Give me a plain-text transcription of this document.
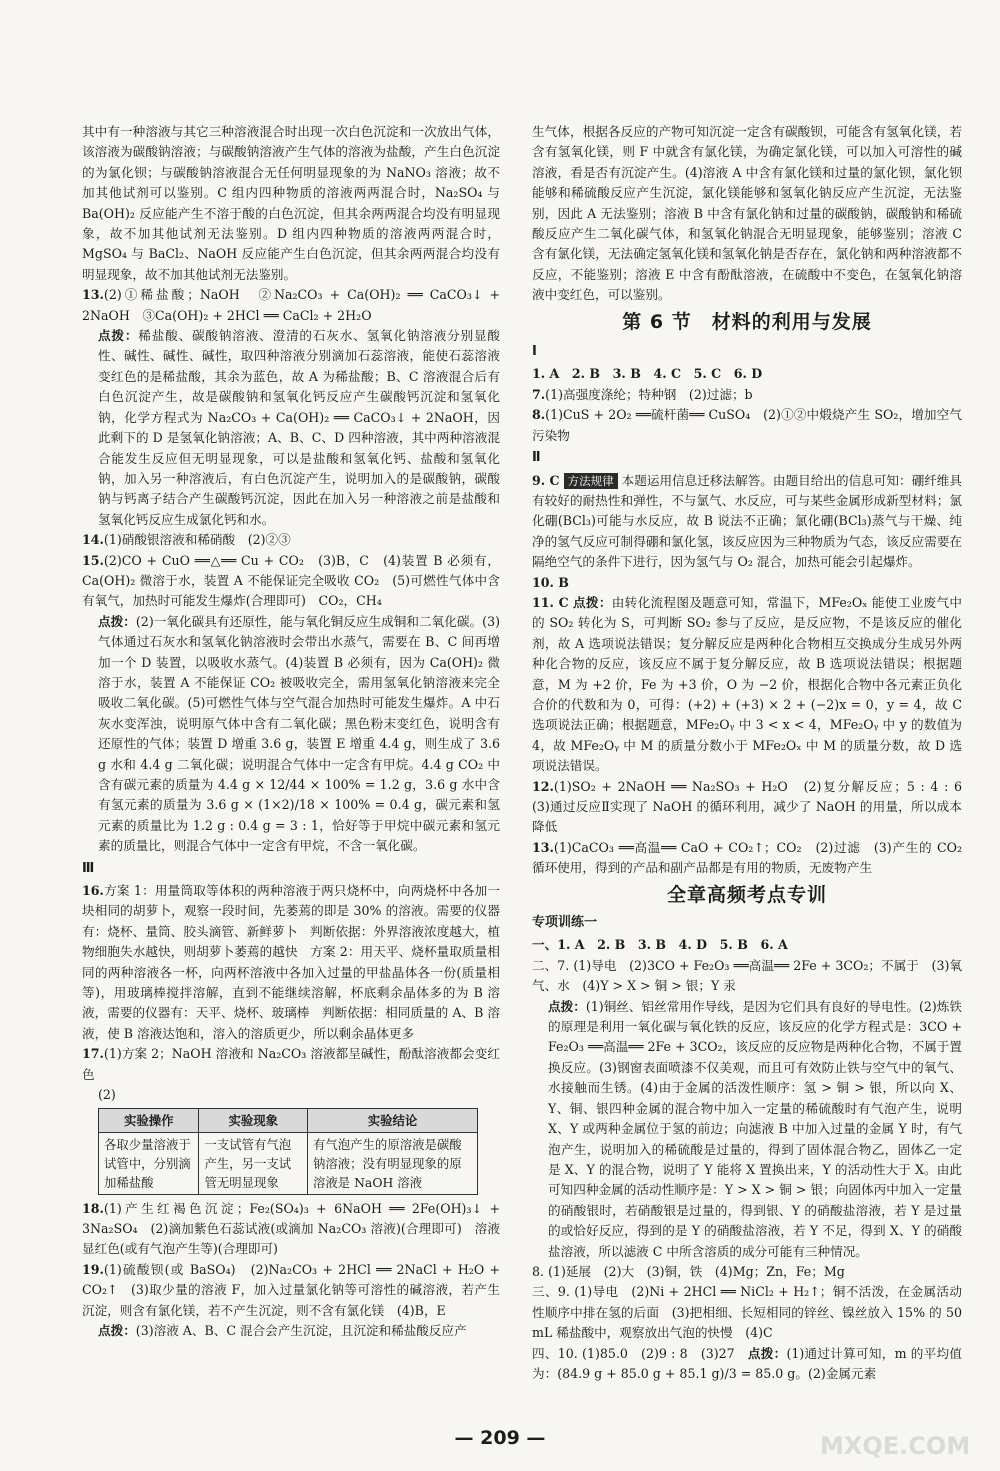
其中有一种溶液与其它三种溶液混合时出现一次白色沉淀和一次放出气体，该溶液为碳酸钠溶液；与碳酸钠溶液产生气体的溶液为盐酸，产生白色沉淀的为氯化钡；与碳酸钠溶液混合无任何明显现象的为 NaNO₃ 溶液；故不加其他试剂可以鉴别。C 组内四种物质的溶液两两混合时，Na₂SO₄ 与 Ba(OH)₂ 反应能产生不溶于酸的白色沉淀，但其余两两混合均没有明显现象，故不加其他试剂无法鉴别。D 组内四种物质的溶液两两混合时，MgSO₄ 与 BaCl₂、NaOH 反应能产生白色沉淀，但其余两两混合均没有明显现象，故不加其他试剂无法鉴别。

13.(2)①稀盐酸；NaOH　②Na₂CO₃ + Ca(OH)₂ ══ CaCO₃↓ + 2NaOH　③Ca(OH)₂ + 2HCl ══ CaCl₂ + 2H₂O

点拨：稀盐酸、碳酸钠溶液、澄清的石灰水、氢氧化钠溶液分别显酸性、碱性、碱性、碱性，取四种溶液分别滴加石蕊溶液，能使石蕊溶液变红色的是稀盐酸，其余为蓝色，故 A 为稀盐酸；B、C 溶液混合后有白色沉淀产生，故是碳酸钠和氢氧化钙反应产生碳酸钙沉淀和氢氧化钠，化学方程式为 Na₂CO₃ + Ca(OH)₂ ══ CaCO₃↓ + 2NaOH，因此剩下的 D 是氢氧化钠溶液；A、B、C、D 四种溶液，其中两种溶液混合能发生反应但无明显现象，可以是盐酸和氢氧化钙、盐酸和氢氧化钠，加入另一种溶液后，有白色沉淀产生，说明加入的是碳酸钠，碳酸钠与钙离子结合产生碳酸钙沉淀，因此在加入另一种溶液之前是盐酸和氢氧化钙反应生成氯化钙和水。

14.(1)硝酸银溶液和稀硝酸　(2)②③

15.(2)CO + CuO ══△══ Cu + CO₂　(3)B，C　(4)装置 B 必须有，Ca(OH)₂ 微溶于水，装置 A 不能保证完全吸收 CO₂　(5)可燃性气体中含有氧气，加热时可能发生爆炸(合理即可)　CO₂，CH₄

点拨：(2)一氧化碳具有还原性，能与氧化铜反应生成铜和二氧化碳。(3)气体通过石灰水和氢氧化钠溶液时会带出水蒸气，需要在 B、C 间再增加一个 D 装置，以吸收水蒸气。(4)装置 B 必须有，因为 Ca(OH)₂ 微溶于水，装置 A 不能保证 CO₂ 被吸收完全，需用氢氧化钠溶液来完全吸收二氧化碳。(5)可燃性气体与空气混合加热时可能发生爆炸。A 中石灰水变浑浊，说明原气体中含有二氧化碳；黑色粉末变红色，说明含有还原性的气体；装置 D 增重 3.6 g，装置 E 增重 4.4 g，则生成了 3.6 g 水和 4.4 g 二氧化碳；说明混合气体中一定含有甲烷。4.4 g CO₂ 中含有碳元素的质量为 4.4 g × 12/44 × 100% = 1.2 g，3.6 g 水中含有氢元素的质量为 3.6 g × (1×2)/18 × 100% = 0.4 g，碳元素和氢元素的质量比为 1.2 g : 0.4 g = 3 : 1，恰好等于甲烷中碳元素和氢元素的质量比，则混合气体中一定含有甲烷，不含一氧化碳。

Ⅲ

16.方案 1：用量筒取等体积的两种溶液于两只烧杯中，向两烧杯中各加一块相同的胡萝卜，观察一段时间，先萎蔫的即是 30% 的溶液。需要的仪器有：烧杯、量筒、胶头滴管、新鲜萝卜　判断依据：外界溶液浓度越大，植物细胞失水越快，则胡萝卜萎蔫的越快　方案 2：用天平、烧杯量取质量相同的两种溶液各一杯，向两杯溶液中各加入过量的甲盐晶体各一份(质量相等)，用玻璃棒搅拌溶解，直到不能继续溶解，杯底剩余晶体多的为 B 溶液，需要的仪器有：天平、烧杯、玻璃棒　判断依据：相同质量的 A、B 溶液，使 B 溶液达饱和，溶入的溶质更少，所以剩余晶体更多

17.(1)方案 2；NaOH 溶液和 Na₂CO₃ 溶液都呈碱性，酚酞溶液都会变红色

(2)

实验操作	实验现象	实验结论
各取少量溶液于试管中，分别滴加稀盐酸	一支试管有气泡产生，另一支试管无明显现象	有气泡产生的原溶液是碳酸钠溶液；没有明显现象的原溶液是 NaOH 溶液

18.(1)产生红褐色沉淀；Fe₂(SO₄)₃ + 6NaOH ══ 2Fe(OH)₃↓ + 3Na₂SO₄　(2)滴加紫色石蕊试液(或滴加 Na₂CO₃ 溶液)(合理即可)　溶液显红色(或有气泡产生等)(合理即可)

19.(1)硫酸钡(或 BaSO₄)　(2)Na₂CO₃ + 2HCl ══ 2NaCl + H₂O + CO₂↑　(3)取少量的溶液 F，加入过量氯化钠等可溶性的碱溶液，若产生沉淀，则含有氯化镁，若不产生沉淀，则不含有氯化镁　(4)B，E

点拨：(3)溶液 A、B、C 混合会产生沉淀，且沉淀和稀盐酸反应产

生气体，根据各反应的产物可知沉淀一定含有碳酸钡，可能含有氢氧化镁，若含有氢氧化镁，则 F 中就含有氯化镁，为确定氯化镁，可以加入可溶性的碱溶液，看是否有沉淀产生。(4)溶液 A 中含有氯化镁和过量的氯化钡，氯化钡能够和稀硫酸反应产生沉淀，氯化镁能够和氢氧化钠反应产生沉淀，无法鉴别，因此 A 无法鉴别；溶液 B 中含有氯化钠和过量的碳酸钠，碳酸钠和稀硫酸反应产生二氧化碳气体，和氢氧化钠混合无明显现象，能够鉴别；溶液 C 含有氯化镁，无法确定氢氧化镁和氢氧化钠是否存在，氯化钠和两种溶液都不反应，不能鉴别；溶液 E 中含有酚酞溶液，在硫酸中不变色，在氢氧化钠溶液中变红色，可以鉴别。

第 6 节　材料的利用与发展
Ⅰ

1. A　2. B　3. B　4. C　5. C　6. D

7.(1)高强度涤纶；特种钢　(2)过滤；b

8.(1)CuS + 2O₂ ══硫杆菌══ CuSO₄　(2)①②中煅烧产生 SO₂，增加空气污染物

Ⅱ

9. C 方法规律 本题运用信息迁移法解答。由题目给出的信息可知：硼纤维具有较好的耐热性和弹性，不与氯气、水反应，可与某些金属形成新型材料；氯化硼(BCl₃)可能与水反应，故 B 说法不正确；氯化硼(BCl₃)蒸气与干燥、纯净的氢气反应可制得硼和氯化氢，该反应因为三种物质为气态，该反应需要在隔绝空气的条件下进行，因为氢气与 O₂ 混合，加热可能会引起爆炸。

10. B

11. C 点拨：由转化流程图及题意可知，常温下，MFe₂Oₓ 能使工业废气中的 SO₂ 转化为 S，可判断 SO₂ 参与了反应，是反应物，不是该反应的催化剂，故 A 选项说法错误；复分解反应是两种化合物相互交换成分生成另外两种化合物的反应，该反应不属于复分解反应，故 B 选项说法错误；根据题意，M 为 +2 价，Fe 为 +3 价，O 为 −2 价，根据化合物中各元素正负化合价的代数和为 0，可得：(+2) + (+3) × 2 + (−2)x = 0，y = 4，故 C 选项说法正确；根据题意，MFe₂Oᵧ 中 3 < x < 4，MFe₂Oᵧ 中 y 的数值为 4，故 MFe₂Oᵧ 中 M 的质量分数小于 MFe₂Oₓ 中 M 的质量分数，故 D 选项说法错误。

12.(1)SO₂ + 2NaOH ══ Na₂SO₃ + H₂O　(2)复分解反应；5 : 4 : 6　(3)通过反应Ⅱ实现了 NaOH 的循环利用，减少了 NaOH 的用量，所以成本降低

13.(1)CaCO₃ ══高温══ CaO + CO₂↑；CO₂　(2)过滤　(3)产生的 CO₂ 循环使用，得到的产品和副产品都是有用的物质，无废物产生

全章高频考点专训
专项训练一

一、1. A　2. B　3. B　4. D　5. B　6. A

二、7. (1)导电　(2)3CO + Fe₂O₃ ══高温══ 2Fe + 3CO₂；不属于　(3)氧气、水　(4)Y > X > 铜 > 银；Y 汞

点拨：(1)铜丝、铝丝常用作导线，是因为它们具有良好的导电性。(2)炼铁的原理是利用一氧化碳与氧化铁的反应，该反应的化学方程式是：3CO + Fe₂O₃ ══高温══ 2Fe + 3CO₂，该反应的反应物是两种化合物，不属于置换反应。(3)钢窗表面喷漆不仅美观，而且可有效防止铁与空气中的氧气、水接触而生锈。(4)由于金属的活泼性顺序：氢 > 铜 > 银，所以向 X、Y、铜、银四种金属的混合物中加入一定量的稀硫酸时有气泡产生，说明 X、Y 或两种金属位于氢的前边；向滤液 B 中加入过量的金属 Y 时，有气泡产生，说明加入的稀硫酸是过量的，得到了固体混合物乙，固体乙一定是 X、Y 的混合物，说明了 Y 能将 X 置换出来，Y 的活动性大于 X。由此可知四种金属的活动性顺序是：Y > X > 铜 > 银；向固体丙中加入一定量的硝酸银时，若硝酸银是过量的，得到银、Y 的硝酸盐溶液，若 Y 是过量的或恰好反应，得到的是 Y 的硝酸盐溶液，若 Y 不足，得到 X、Y 的硝酸盐溶液，所以滤液 C 中所含溶质的成分可能有三种情况。

8. (1)延展　(2)大　(3)铜，铁　(4)Mg；Zn，Fe；Mg

三、9. (1)导电　(2)Ni + 2HCl ══ NiCl₂ + H₂↑；铜不活泼，在金属活动性顺序中排在氢的后面　(3)把相细、长短相同的锌丝、镍丝放入 15% 的 50 mL 稀盐酸中，观察放出气泡的快慢　(4)C

四、10. (1)85.0　(2)9 : 8　(3)27　 点拨：(1)通过计算可知，m 的平均值为：(84.9 g + 85.0 g + 85.1 g)/3 = 85.0 g。(2)金属元素

— 209 —	MXQE.COM
